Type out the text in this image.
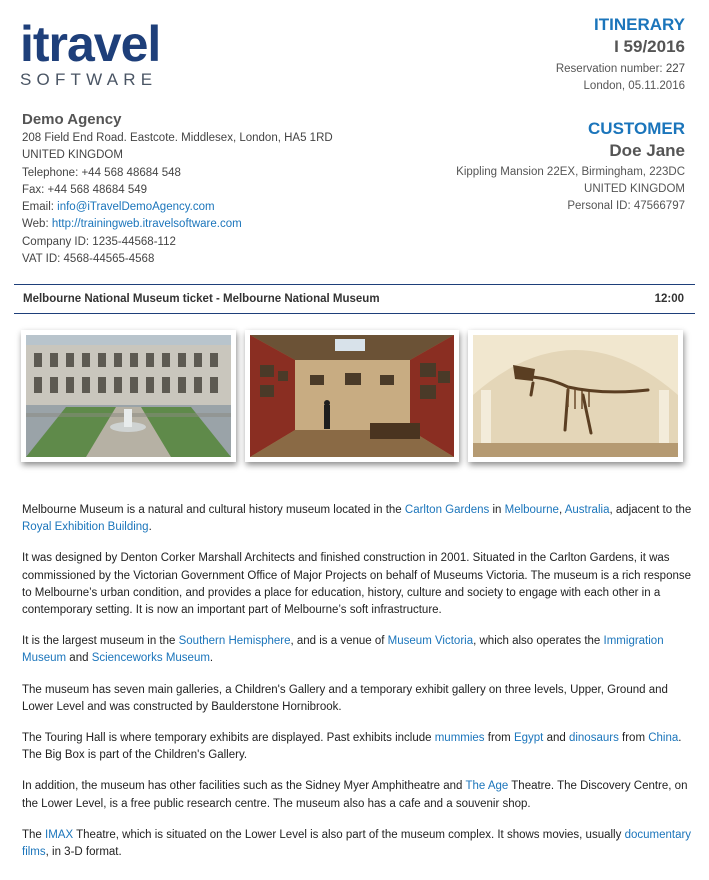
itravel
SOFTWARE
ITINERARY
I 59/2016
Reservation number: 227
London, 05.11.2016
CUSTOMER
Doe Jane
Kippling Mansion 22EX, Birmingham, 223DC
UNITED KINGDOM
Personal ID: 47566797
Demo Agency
208 Field End Road. Eastcote. Middlesex, London, HA5 1RD
UNITED KINGDOM
Telephone: +44 568 48684 548
Fax: +44 568 48684 549
Email: info@iTravelDemoAgency.com
Web: http://trainingweb.itravelsoftware.com
Company ID: 1235-44568-112
VAT ID: 4568-44565-4568
Melbourne National Museum ticket - Melbourne National Museum	12:00

Melbourne Museum is a natural and cultural history museum located in the Carlton Gardens in Melbourne, Australia, adjacent to the Royal Exhibition Building.

It was designed by Denton Corker Marshall Architects and finished construction in 2001. Situated in the Carlton Gardens, it was commissioned by the Victorian Government Office of Major Projects on behalf of Museums Victoria. The museum is a rich response to Melbourne’s urban condition, and provides a place for education, history, culture and society to engage with each other in a contemporary setting. It is now an important part of Melbourne’s soft infrastructure.

It is the largest museum in the Southern Hemisphere, and is a venue of Museum Victoria, which also operates the Immigration Museum and Scienceworks Museum.

The museum has seven main galleries, a Children's Gallery and a temporary exhibit gallery on three levels, Upper, Ground and Lower Level and was constructed by Baulderstone Hornibrook.

The Touring Hall is where temporary exhibits are displayed. Past exhibits include mummies from Egypt and dinosaurs from China. The Big Box is part of the Children's Gallery.

In addition, the museum has other facilities such as the Sidney Myer Amphitheatre and The Age Theatre. The Discovery Centre, on the Lower Level, is a free public research centre. The museum also has a cafe and a souvenir shop.

The IMAX Theatre, which is situated on the Lower Level is also part of the museum complex. It shows movies, usually documentary films, in 3-D format.
